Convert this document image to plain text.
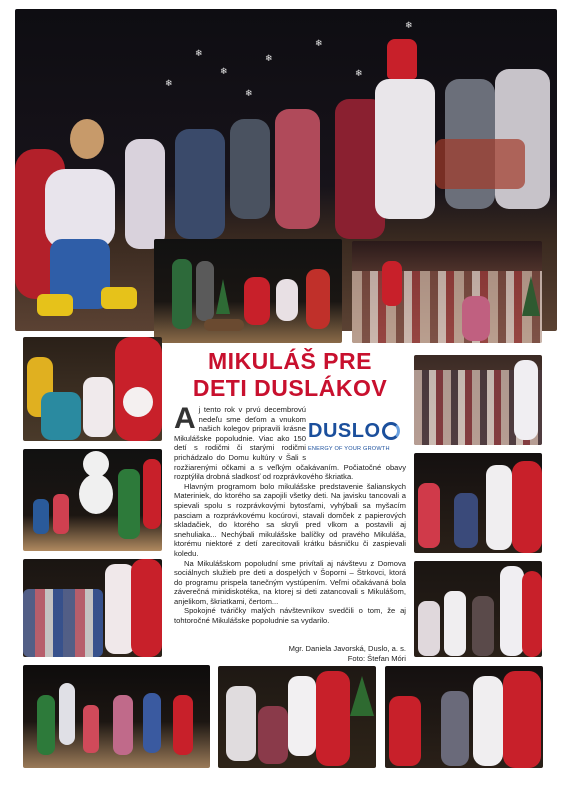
❄
❄
❄
❄
❄
❄
❄
❄
MIKULÁŠ PRE
DETI DUSLÁKOV
DUSLO
ENERGY OF YOUR GROWTH

Aj tento rok v prvú decembrovú nedeľu sme deťom a vnukom našich kolegov pripravili krásne Mikulášske popoludnie. Viac ako 150 detí s rodičmi či starými rodičmi prichádzalo do Domu kultúry v Šali s rozžiarenými očkami a s veľkým očakávaním. Počiatočné obavy rozptýlila drobná sladkosť od rozprávkového škriatka.

Hlavným programom bolo mikulášske predstavenie šalianskych Materiniek, do ktorého sa zapojili všetky deti. Na javisku tancovali a spievali spolu s rozprávkovými bytosťami, vyhýbali sa myšacím pasciam a rozprávkovému kocúrovi, stavali domček z papierových skladačiek, do ktorého sa skryli pred vlkom a postavili aj snehuliaka... Nechýbali mikulášske balíčky od pravého Mikuláša, ktorému niektoré z detí zarecitovali krátku básničku či zaspievali koledu.

Na Mikulášskom popoludní sme privítali aj návštevu z Domova sociálnych služieb pre deti a dospelých v Šoporni – Štrkovci, ktorá do programu prispela tanečným vystúpením. Veľmi očakávaná bola záverečná minidiskotéka, na ktorej si deti zatancovali s Mikulášom, anjelikom, škriatkami, čertom...

Spokojné tváričky malých návštevníkov svedčili o tom, že aj tohtoročné Mikulášske popoludnie sa vydarilo.

Mgr. Daniela Javorská, Duslo, a. s.
Foto: Štefan Móri
